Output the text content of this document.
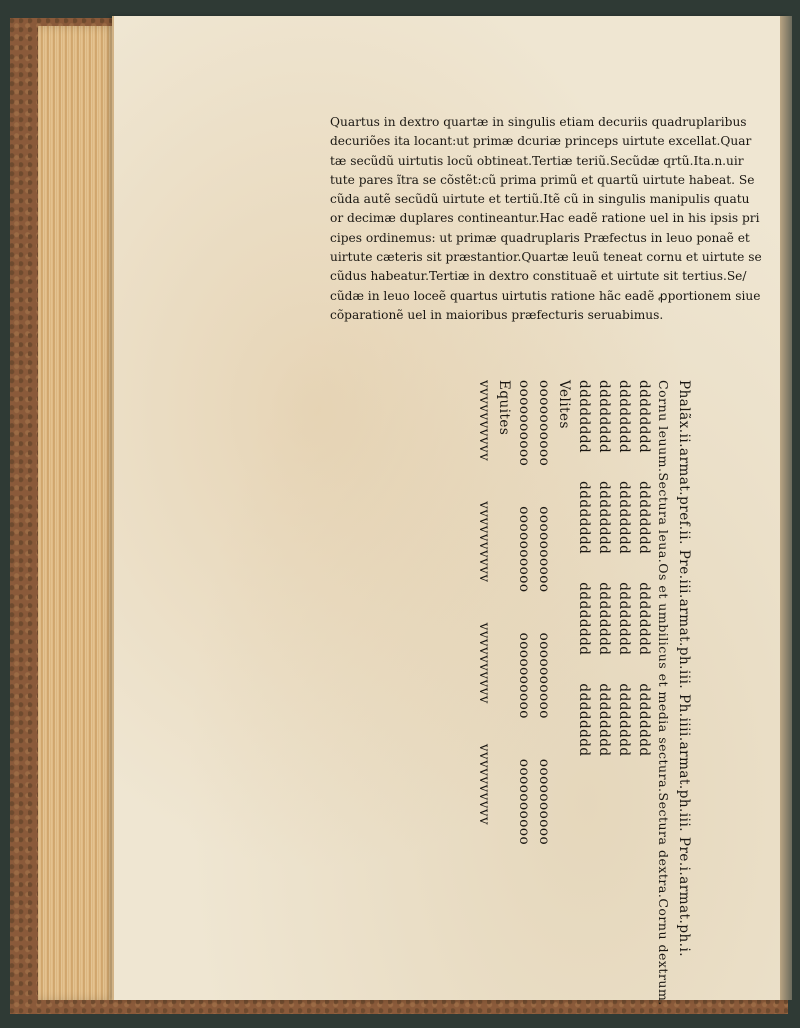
Quartus in dextro quartæ in singulis etiam decuriis quadruplaribus
decuriões ita locant:ut primæ dcuriæ princeps uirtute excellat.Quar
tæ secũdũ uirtutis locũ obtineat.Tertiæ teriũ.Secũdæ qrtũ.Ita.n.uir
tute pares ĩtra se cõstẽt:cũ prima primũ et quartũ uirtute habeat. Se
cũda autẽ secũdũ uirtute et tertiũ.Itẽ cũ in singulis manipulis quatu
or decimæ duplares contineantur.Hac eadẽ ratione uel in his ipsis pri
cipes ordinemus: ut primæ quadruplaris Præfectus in leuo ponaẽ et
uirtute cæteris sit præstantior.Quartæ leuũ teneat cornu et uirtute se
cũdus habeatur.Tertiæ in dextro constituaẽ et uirtute sit tertius.Se/
cũdæ in leuo loceẽ quartus uirtutis ratione hãc eadẽ ꝓportionem siue
cõparationẽ uel in maioribus præfecturis seruabimus.
Phalãx.ii.armat.pref.ii. Pre.iii.armat.ph.iii. Ph.iiii.armat.ph.iii. Pre.i.armat.ph.i.
Cornu leuum.
Sectura leua.
Os et umbilicus et media sectura.
Sectura dextra.
Cornu dextrum.
dddddddd
dddddddd
dddddddd
dddddddd
dddddddd
dddddddd
dddddddd
dddddddd
dddddddd
dddddddd
dddddddd
dddddddd
dddddddd
dddddddd
dddddddd
dddddddd
Velites
oooooooooo
oooooooooo
oooooooooo
oooooooooo
oooooooooo
oooooooooo
oooooooooo
oooooooooo
Equites
vvvvvvvvvv
vvvvvvvvvv
vvvvvvvvvv
vvvvvvvvvv
